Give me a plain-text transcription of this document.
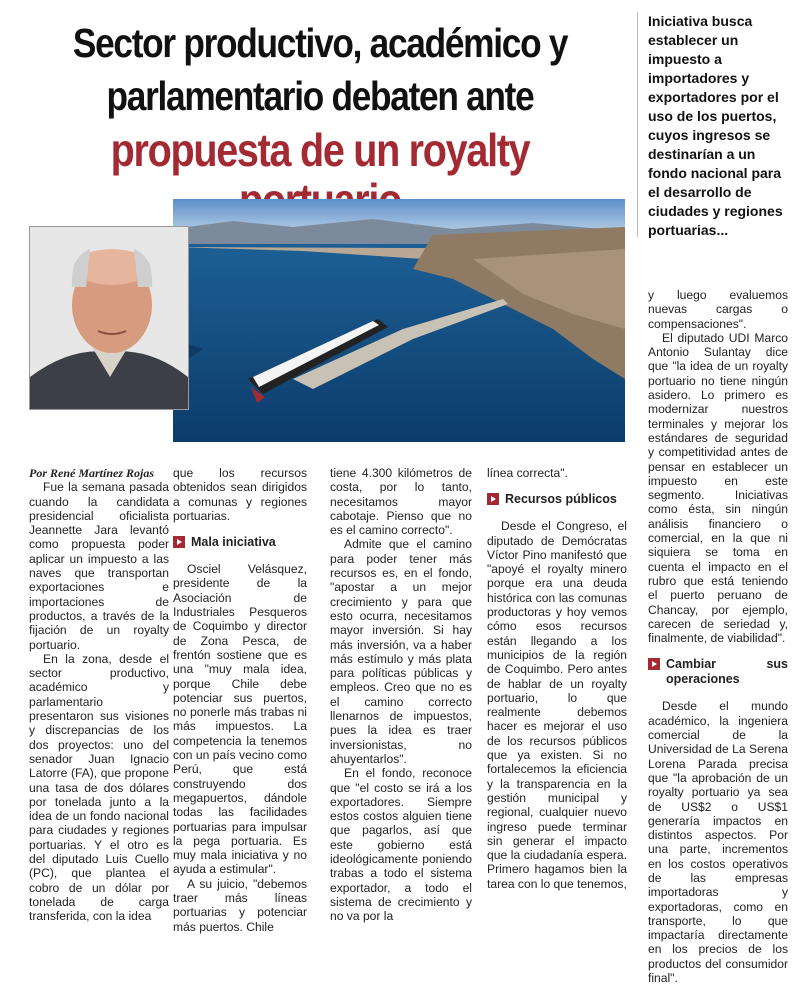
Sector productivo, académico y
parlamentario debaten ante
propuesta de un royalty
Iniciativa busca establecer un impuesto a importadores y exportadores por el uso de los puertos, cuyos ingresos se destinarían a un fondo nacional para el desarrollo de ciudades y regiones portuarias...

Por René Martínez Rojas

Fue la semana pasada cuando la candidata presidencial oficialista Jeannette Jara levantó como propuesta poder aplicar un impuesto a las naves que transportan exportaciones e importaciones de productos, a través de la fijación de un royalty portuario.

En la zona, desde el sector productivo, académico y parlamentario presentaron sus visiones y discrepancias de los dos proyectos: uno del senador Juan Ignacio Latorre (FA), que propone una tasa de dos dólares por tonelada junto a la idea de un fondo nacional para ciudades y regiones portuarias. Y el otro es del diputado Luis Cuello (PC), que plantea el cobro de un dólar por tonelada de carga transferida, con la idea

que los recursos obtenidos sean dirigidos a comunas y regiones portuarias.

Mala iniciativa

Osciel Velásquez, presidente de la Asociación de Industriales Pesqueros de Coquimbo y director de Zona Pesca, de frentón sostiene que es una "muy mala idea, porque Chile debe potenciar sus puertos, no ponerle más trabas ni más impuestos. La competencia la tenemos con un país vecino como Perú, que está construyendo dos megapuertos, dándole todas las facilidades portuarias para impulsar la pega portuaria. Es muy mala iniciativa y no ayuda a estimular".

A su juicio, "debemos traer más líneas portuarias y potenciar más puertos. Chile

tiene 4.300 kilómetros de costa, por lo tanto, necesitamos mayor cabotaje. Pienso que no es el camino correcto".

Admite que el camino para poder tener más recursos es, en el fondo, "apostar a un mejor crecimiento y para que esto ocurra, necesitamos mayor inversión. Si hay más inversión, va a haber más estímulo y más plata para políticas públicas y empleos. Creo que no es el camino correcto llenarnos de impuestos, pues la idea es traer inversionistas, no ahuyentarlos".

En el fondo, reconoce que "el costo se irá a los exportadores. Siempre estos costos alguien tiene que pagarlos, así que este gobierno está ideológicamente poniendo trabas a todo el sistema exportador, a todo el sistema de crecimiento y no va por la

línea correcta".

Recursos públicos

Desde el Congreso, el diputado de Demócratas Víctor Pino manifestó que "apoyé el royalty minero porque era una deuda histórica con las comunas productoras y hoy vemos cómo esos recursos están llegando a los municipios de la región de Coquimbo. Pero antes de hablar de un royalty portuario, lo que realmente debemos hacer es mejorar el uso de los recursos públicos que ya existen. Si no fortalecemos la eficiencia y la transparencia en la gestión municipal y regional, cualquier nuevo ingreso puede terminar sin generar el impacto que la ciudadanía espera. Primero hagamos bien la tarea con lo que tenemos,

y luego evaluemos nuevas cargas o compensaciones".

El diputado UDI Marco Antonio Sulantay dice que "la idea de un royalty portuario no tiene ningún asidero. Lo primero es modernizar nuestros terminales y mejorar los estándares de seguridad y competitividad antes de pensar en establecer un impuesto en este segmento. Iniciativas como ésta, sin ningún análisis financiero o comercial, en la que ni siquiera se toma en cuenta el impacto en el rubro que está teniendo el puerto peruano de Chancay, por ejemplo, carecen de seriedad y, finalmente, de viabilidad".

Cambiar sus operaciones

Desde el mundo académico, la ingeniera comercial de la Universidad de La Serena Lorena Parada precisa que "la aprobación de un royalty portuario ya sea de US$2 o US$1 generaría impactos en distintos aspectos. Por una parte, incrementos en los costos operativos de las empresas importadoras y exportadoras, como en transporte, lo que impactaría directamente en los precios de los productos del consumidor final".
